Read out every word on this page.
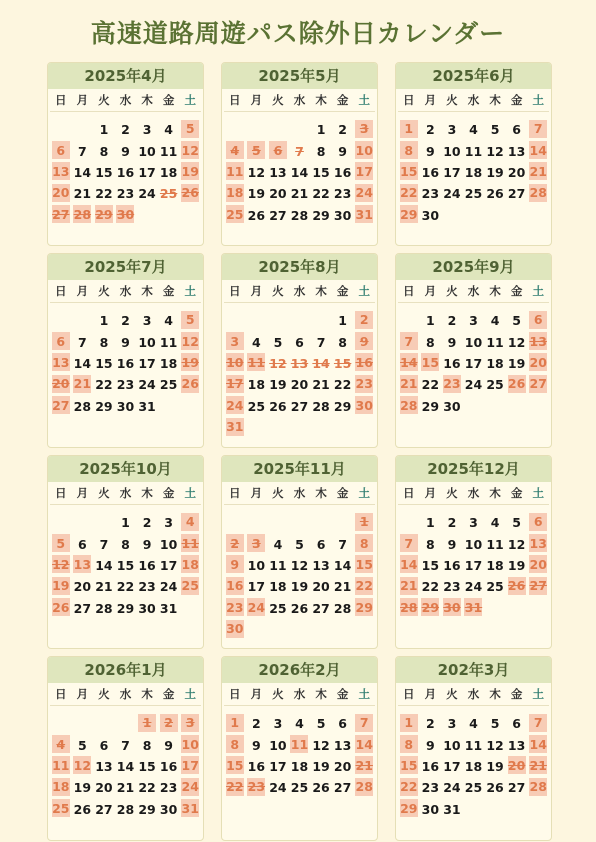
高速道路周遊パス除外日カレンダー
2025年4月
日 月 火 水 木 金 土
1 2 3 4 5
6 7 8 9 10 11 12
13 14 15 16 17 18 19
20 21 22 23 24 25 26
27 28 29 30
2025年5月
日 月 火 水 木 金 土
1 2 3
4 5 6 7 8 9 10
11 12 13 14 15 16 17
18 19 20 21 22 23 24
25 26 27 28 29 30 31
2025年6月
日 月 火 水 木 金 土
1 2 3 4 5 6 7
8 9 10 11 12 13 14
15 16 17 18 19 20 21
22 23 24 25 26 27 28
29 30
2025年7月
日 月 火 水 木 金 土
1 2 3 4 5
6 7 8 9 10 11 12
13 14 15 16 17 18 19
20 21 22 23 24 25 26
27 28 29 30 31
2025年8月
日 月 火 水 木 金 土
1 2
3 4 5 6 7 8 9
10 11 12 13 14 15 16
17 18 19 20 21 22 23
24 25 26 27 28 29 30
31
2025年9月
日 月 火 水 木 金 土
1 2 3 4 5 6
7 8 9 10 11 12 13
14 15 16 17 18 19 20
21 22 23 24 25 26 27
28 29 30
2025年10月
日 月 火 水 木 金 土
1 2 3 4
5 6 7 8 9 10 11
12 13 14 15 16 17 18
19 20 21 22 23 24 25
26 27 28 29 30 31
2025年11月
日 月 火 水 木 金 土
1
2 3 4 5 6 7 8
9 10 11 12 13 14 15
16 17 18 19 20 21 22
23 24 25 26 27 28 29
30
2025年12月
日 月 火 水 木 金 土
1 2 3 4 5 6
7 8 9 10 11 12 13
14 15 16 17 18 19 20
21 22 23 24 25 26 27
28 29 30 31
2026年1月
日 月 火 水 木 金 土
1 2 3
4 5 6 7 8 9 10
11 12 13 14 15 16 17
18 19 20 21 22 23 24
25 26 27 28 29 30 31
2026年2月
日 月 火 水 木 金 土
1 2 3 4 5 6 7
8 9 10 11 12 13 14
15 16 17 18 19 20 21
22 23 24 25 26 27 28
202年3月
日 月 火 水 木 金 土
1 2 3 4 5 6 7
8 9 10 11 12 13 14
15 16 17 18 19 20 21
22 23 24 25 26 27 28
29 30 31
